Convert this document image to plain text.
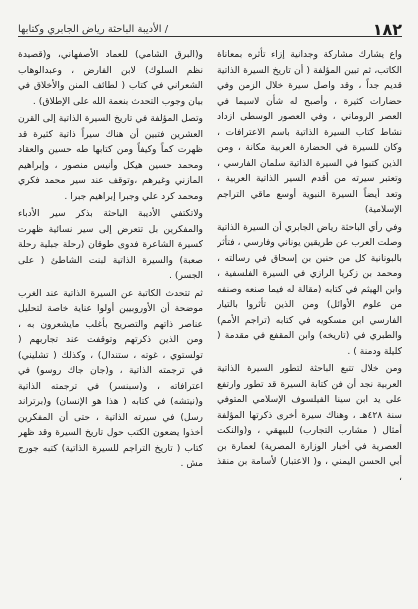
١٨٢
/ الأديبة الباحثة رياض الجابري وكتابها

واع يشارك مشاركة وجدانية إزاء تأثره بمعاناة الكاتب، ثم تبين المؤلفة ( أن تاريخ السيرة الذاتية قديم جداً ، وقد واصل سيرة خلال الزمن وفي حضارات كثيرة ، وأصبح له شأن لاسيما في العصر الروماني ، وفي العصور الوسطى ازداد نشاط كتاب السيرة الذاتية باسم الاعترافات ، وكان للسيرة في الحضارة العربية مكانة ، ومن الذين كتبوا في السيرة الذاتية سلمان الفارسي ، وتعتبر سيرته من أقدم السير الذاتية العربية ، وتعد أيضاً السيرة النبوية أوسع ماقي التراجم الإسلامية)

وفي رأي الباحثة رياض الجابري أن السيرة الذاتية وصلت العرب عن طريقين يوناني وفارسي ، فتأثر بالبونانية كل من حنين بن إسحاق في رسالته ، ومحمد بن زكريا الرازي في السيرة الفلسفية ، وابن الهيثم في كتابه (مقالة له فيما صنعه وصنفه من علوم الأوائل) ومن الذين تأثروا بالتيار الفارسي ابن مسكويه في كتابه (تراجم الأمم) والطبري في (تاريخه) وابن المقفع في مقدمة ( كليلة ودمنة ) .

ومن خلال تتبع الباحثة لتطور السيرة الذاتية العربية نجد أن فن كتابة السيرة قد تطور وارتفع على يد ابن سينا الفيلسوف الإسلامي المتوفي سنة ٤٢٨هـ ، وهناك سيرة أخرى ذكرتها المؤلفة أمثال ( مشارب التجارب) للبيهقي ، و(والنكت العصرية في أخبار الوزارة المصرية) لعمارة بن أبي الحسن اليمني ، و( الاعتبار) لأسامة بن منقذ ،

و(البرق الشامي) للعماد الأصفهاني، و(قصيدة نظم السلوك) لابن الفارض ، وعبدالوهاب الشعراني في كتاب ( لطائف المنن والأخلاق في بيان وجوب التحدث بنعمة الله على الإطلاق) .

وتصل المؤلفة في تاريخ السيرة الذاتية إلى القرن العشرين فتبين أن هناك سيراً ذاتية كثيرة قد ظهرت كماً وكيفاً ومن كتابها طه حسين والعقاد ومحمد حسين هيكل وأنيس منصور ، وإبراهيم المازني وغيرهم ،وتوقف عند سير محمد فكري ومحمد كرد علي وجبرا إبراهيم جبرا .

ولاتكتفي الأديبة الباحثة بذكر سير الأدباء والمفكرين بل تتعرض إلى سير نسائية ظهرت كسيرة الشاعرة فدوى طوقان (رحلة جبلية رحلة صعبة) والسيرة الذاتية لبنت الشاطئ ( على الجسر) .

ثم تتحدث الكاتبة عن السيرة الذاتية عند الغرب موضحة أن الأوروبيين أولوا عناية خاصة لتحليل عناصر ذاتهم والتصريح بأغلب مايشعرون به ، ومن الذين ذكرتهم وتوقفت عند تجاربهم ( تولستوي ، غوته ، ستندال) ، وكذلك ( تشليني) في ترجمته الذاتية ، و(جان جاك روسو) في اعترافاته ، و(سبنسر) في ترجمته الذاتية و(نيتشه) في كتابه ( هذا هو الإنسان) و(برتراند رسل) في سيرته الذاتية ، حتى أن المفكرين أخذوا يضعون الكتب حول تاريخ السيرة وقد ظهر كتاب ( تاريخ التراجم للسيرة الذاتية) كتبه جورج مش .
